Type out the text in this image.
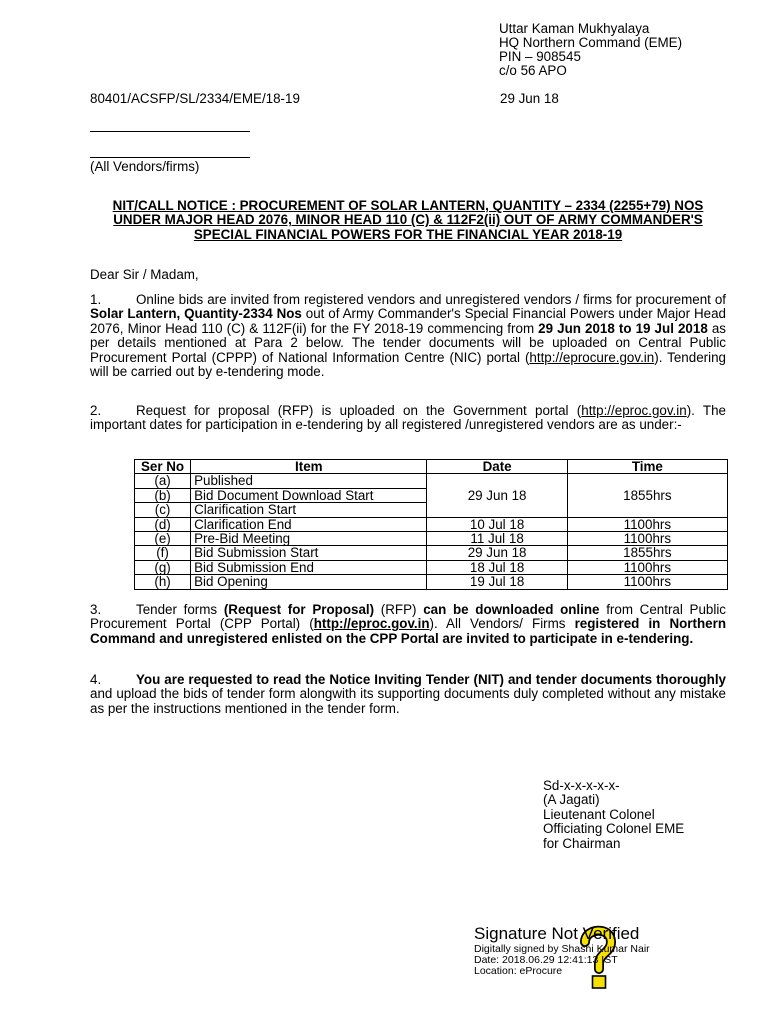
Uttar Kaman Mukhyalaya
HQ Northern Command (EME)
PIN – 908545
c/o 56 APO
80401/ACSFP/SL/2334/EME/18-19	29 Jun 18
(All Vendors/firms)
NIT/CALL NOTICE : PROCUREMENT OF SOLAR LANTERN, QUANTITY – 2334 (2255+79) NOS UNDER MAJOR HEAD 2076, MINOR HEAD 110 (C) & 112F2(ii) OUT OF ARMY COMMANDER'S SPECIAL FINANCIAL POWERS FOR THE FINANCIAL YEAR 2018-19
Dear Sir / Madam,
1.	Online bids are invited from registered vendors and unregistered vendors / firms for procurement of Solar Lantern, Quantity-2334 Nos out of Army Commander's Special Financial Powers under Major Head 2076, Minor Head 110 (C) & 112F(ii) for the FY 2018-19 commencing from 29 Jun 2018 to 19 Jul 2018 as per details mentioned at Para 2 below. The tender documents will be uploaded on Central Public Procurement Portal (CPPP) of National Information Centre (NIC) portal (http://eprocure.gov.in). Tendering will be carried out by e-tendering mode.
2.	Request for proposal (RFP) is uploaded on the Government portal (http://eproc.gov.in). The important dates for participation in e-tendering by all registered /unregistered vendors are as under:-
Ser No	Item	Date	Time
(a)	Published	29 Jun 18	1855hrs
(b)	Bid Document Download Start		
(c)	Clarification Start		
(d)	Clarification End	10 Jul 18	1100hrs
(e)	Pre-Bid Meeting	11 Jul 18	1100hrs
(f)	Bid Submission Start	29 Jun 18	1855hrs
(g)	Bid Submission End	18 Jul 18	1100hrs
(h)	Bid Opening	19 Jul 18	1100hrs
3.	Tender forms (Request for Proposal) (RFP) can be downloaded online from Central Public Procurement Portal (CPP Portal) (http://eproc.gov.in). All Vendors/ Firms registered in Northern Command and unregistered enlisted on the CPP Portal are invited to participate in e-tendering.
4.	You are requested to read the Notice Inviting Tender (NIT) and tender documents thoroughly and upload the bids of tender form alongwith its supporting documents duly completed without any mistake as per the instructions mentioned in the tender form.
Sd-x-x-x-x-x-
(A Jagati)
Lieutenant Colonel
Officiating Colonel EME
for Chairman
Signature Not Verified
Digitally signed by Shashi Kumar Nair
Date: 2018.06.29 12:41:13 IST
Location: eProcure
